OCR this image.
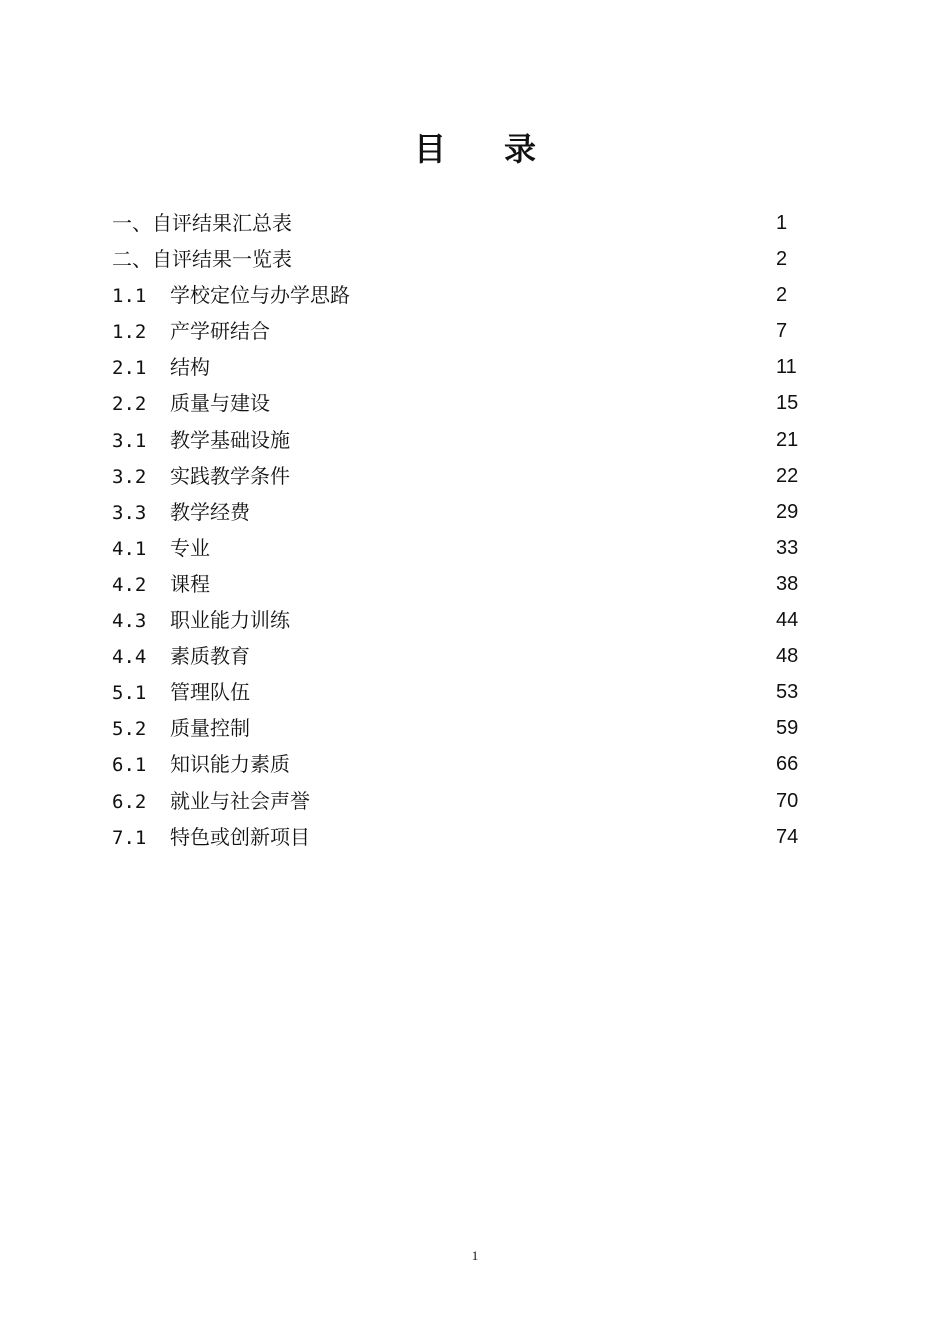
目 录
一、自评结果汇总表	1
二、自评结果一览表	2
1.1 学校定位与办学思路	2
1.2 产学研结合	7
2.1 结构	11
2.2 质量与建设	15
3.1 教学基础设施	21
3.2 实践教学条件	22
3.3 教学经费	29
4.1 专业	33
4.2 课程	38
4.3 职业能力训练	44
4.4 素质教育	48
5.1 管理队伍	53
5.2 质量控制	59
6.1 知识能力素质	66
6.2 就业与社会声誉	70
7.1 特色或创新项目	74
1
